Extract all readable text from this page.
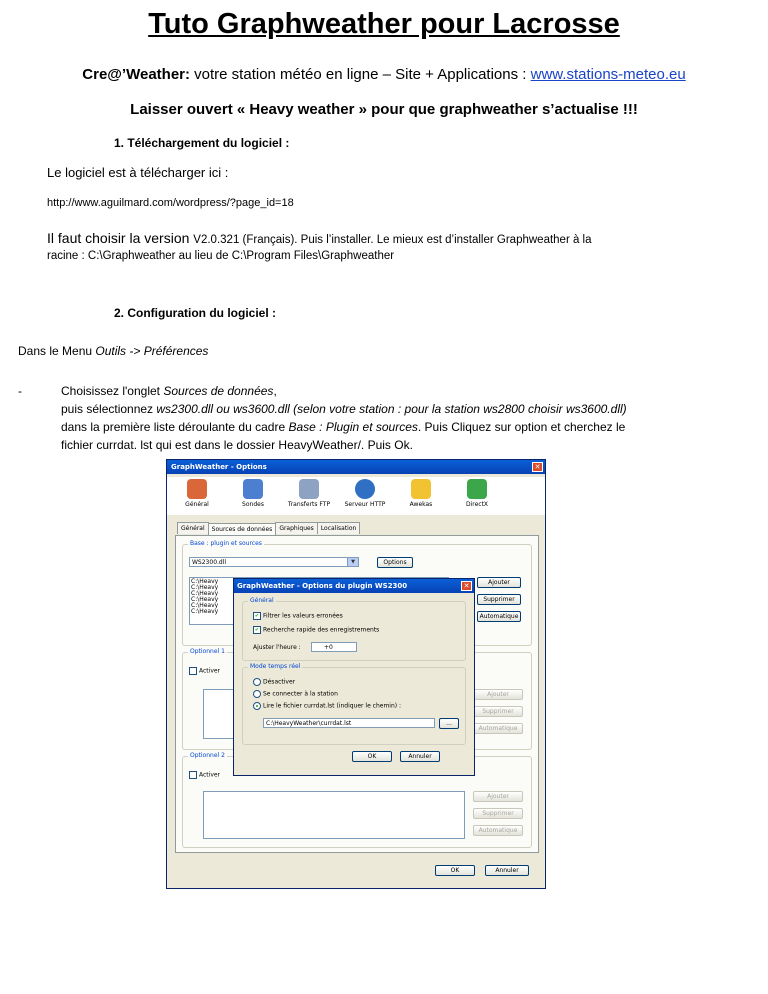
Tuto Graphweather pour Lacrosse
Cre@’Weather: votre station météo en ligne – Site + Applications : www.stations-meteo.eu
Laisser ouvert « Heavy weather » pour que graphweather s’actualise !!!
1. Téléchargement du logiciel :
Le logiciel est à télécharger ici :
http://www.aguilmard.com/wordpress/?page_id=18
Il faut choisir la version V2.0.321 (Français). Puis l’installer. Le mieux est d’installer Graphweather à la
racine : C:\Graphweather au lieu de C:\Program Files\Graphweather
2. Configuration du logiciel :
Dans le Menu Outils -> Préférences
-	Choisissez l'onglet Sources de données,
puis sélectionnez ws2300.dll ou ws3600.dll (selon votre station : pour la station ws2800 choisir ws3600.dll)
dans la première liste déroulante du cadre Base : Plugin et sources. Puis Cliquez sur option et cherchez le
fichier currdat. lst qui est dans le dossier HeavyWeather/. Puis Ok.
GraphWeather - Options	✕
Général	Sondes	Transferts FTP	Serveur HTTP	Awekas	DirectX
Général Sources de données Graphiques Localisation
Base : plugin et sources
WS2300.dll	▼	Options
C:\Heavy
C:\Heavy
C:\Heavy
C:\Heavy
C:\Heavy
C:\Heavy
Ajouter
Supprimer
Automatique
Optionnel 1
Activer
Ajouter
Supprimer
Automatique
Optionnel 2
Activer
Ajouter
Supprimer
Automatique
OK	Annuler
GraphWeather - Options du plugin WS2300	✕
Général
✔ Filtrer les valeurs erronées
✔ Recherche rapide des enregistrements
Ajuster l'heure :	+0
Mode temps réel
Désactiver
Se connecter à la station
Lire le fichier currdat.lst (indiquer le chemin) :
C:\HeavyWeather\currdat.lst	...
OK	Annuler
